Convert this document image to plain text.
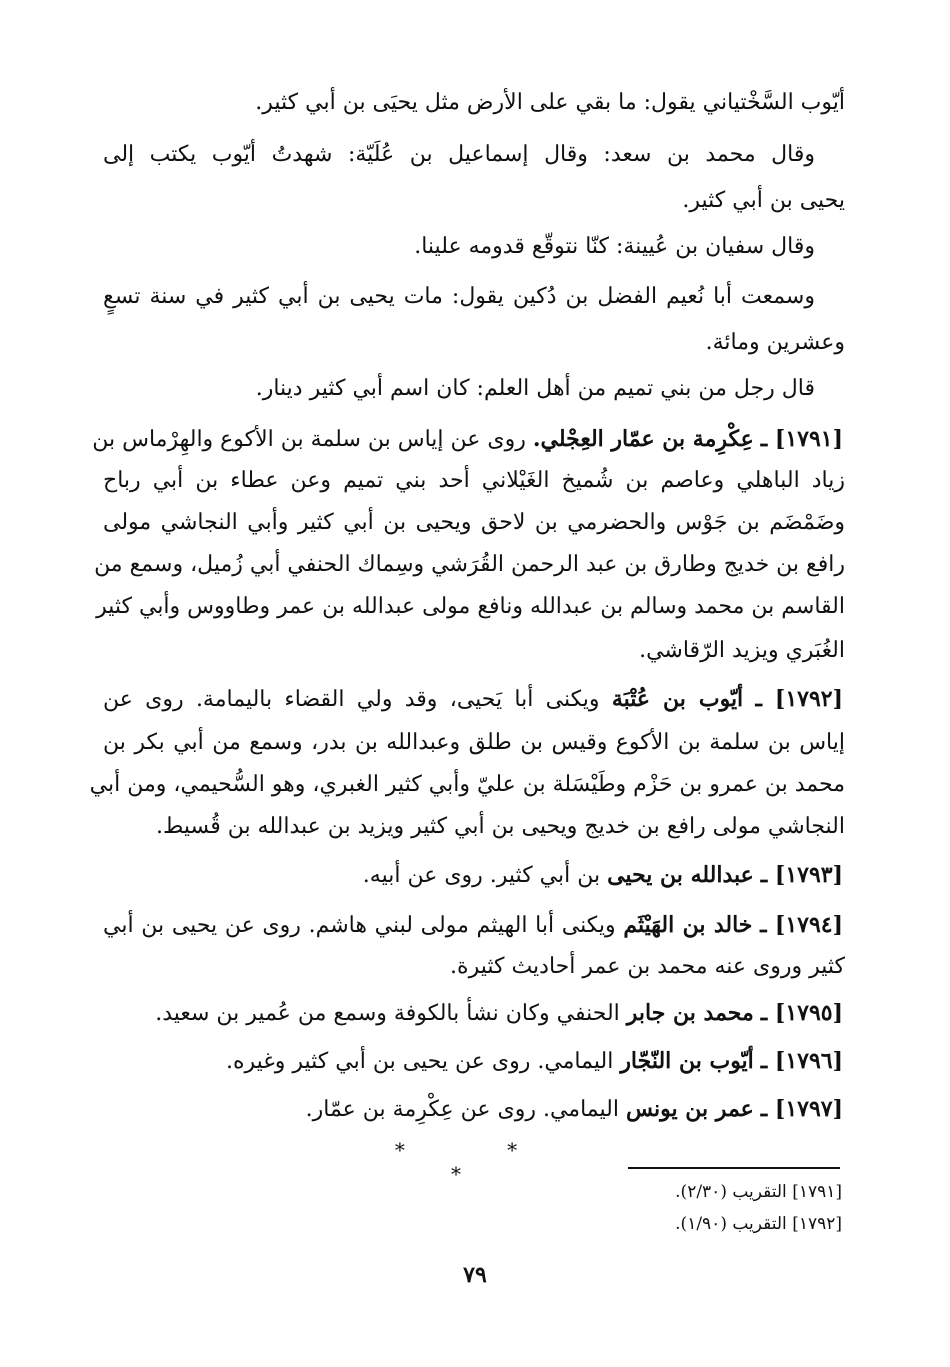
أيّوب السَّخْتياني يقول: ما بقي على الأرض مثل يحيَى بن أبي كثير.
وقال محمد بن سعد: وقال إسماعيل بن عُلَيّة: شهدتُ أيّوب يكتب إلى
يحيى بن أبي كثير.
وقال سفيان بن عُيينة: كنّا نتوقّع قدومه علينا.
وسمعت أبا نُعيم الفضل بن دُكين يقول: مات يحيى بن أبي كثير في سنة تسعٍ
وعشرين ومائة.
قال رجل من بني تميم من أهل العلم: كان اسم أبي كثير دينار.
[١٧٩١] ـ عِكْرِمة بن عمّار العِجْلي. روى عن إياس بن سلمة بن الأكوع والهِرْماس بن
زياد الباهلي وعاصم بن شُميخ الغَيْلاني أحد بني تميم وعن عطاء بن أبي رباح
وضَمْضَم بن جَوْس والحضرمي بن لاحق ويحيى بن أبي كثير وأبي النجاشي مولى
رافع بن خديج وطارق بن عبد الرحمن القُرَشي وسِماك الحنفي أبي زُميل، وسمع من
القاسم بن محمد وسالم بن عبدالله ونافع مولى عبدالله بن عمر وطاووس وأبي كثير
الغُبَري ويزيد الرّقاشي.
[١٧٩٢] ـ أيّوب بن عُتْبَة ويكنى أبا يَحيى، وقد ولي القضاء باليمامة. روى عن
إياس بن سلمة بن الأكوع وقيس بن طلق وعبدالله بن بدر، وسمع من أبي بكر بن
محمد بن عمرو بن حَزْم وطَيْسَلة بن عليّ وأبي كثير الغبري، وهو السُّحيمي، ومن أبي
النجاشي مولى رافع بن خديج ويحيى بن أبي كثير ويزيد بن عبدالله بن قُسيط.
[١٧٩٣] ـ عبدالله بن يحيى بن أبي كثير. روى عن أبيه.
[١٧٩٤] ـ خالد بن الهَيْثَم ويكنى أبا الهيثم مولى لبني هاشم. روى عن يحيى بن أبي
كثير وروى عنه محمد بن عمر أحاديث كثيرة.
[١٧٩٥] ـ محمد بن جابر الحنفي وكان نشأ بالكوفة وسمع من عُمير بن سعيد.
[١٧٩٦] ـ أيّوب بن النّجّار اليمامي. روى عن يحيى بن أبي كثير وغيره.
[١٧٩٧] ـ عمر بن يونس اليمامي. روى عن عِكْرِمة بن عمّار.
* * *
[١٧٩١] التقريب (٢/٣٠).
[١٧٩٢] التقريب (١/٩٠).
٧٩
